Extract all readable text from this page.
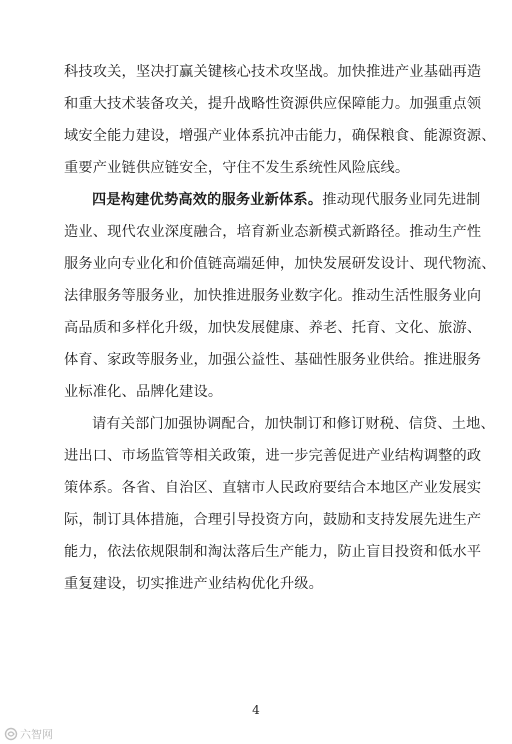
科技攻关，坚决打赢关键核心技术攻坚战。加快推进产业基础再造
和重大技术装备攻关，提升战略性资源供应保障能力。加强重点领
域安全能力建设，增强产业体系抗冲击能力，确保粮食、能源资源、
重要产业链供应链安全，守住不发生系统性风险底线。
四是构建优势高效的服务业新体系。推动现代服务业同先进制
造业、现代农业深度融合，培育新业态新模式新路径。推动生产性
服务业向专业化和价值链高端延伸，加快发展研发设计、现代物流、
法律服务等服务业，加快推进服务业数字化。推动生活性服务业向
高品质和多样化升级，加快发展健康、养老、托育、文化、旅游、
体育、家政等服务业，加强公益性、基础性服务业供给。推进服务
业标准化、品牌化建设。
请有关部门加强协调配合，加快制订和修订财税、信贷、土地、
进出口、市场监管等相关政策，进一步完善促进产业结构调整的政
策体系。各省、自治区、直辖市人民政府要结合本地区产业发展实
际，制订具体措施，合理引导投资方向，鼓励和支持发展先进生产
能力，依法依规限制和淘汰落后生产能力，防止盲目投资和低水平
重复建设，切实推进产业结构优化升级。
4
六智网
